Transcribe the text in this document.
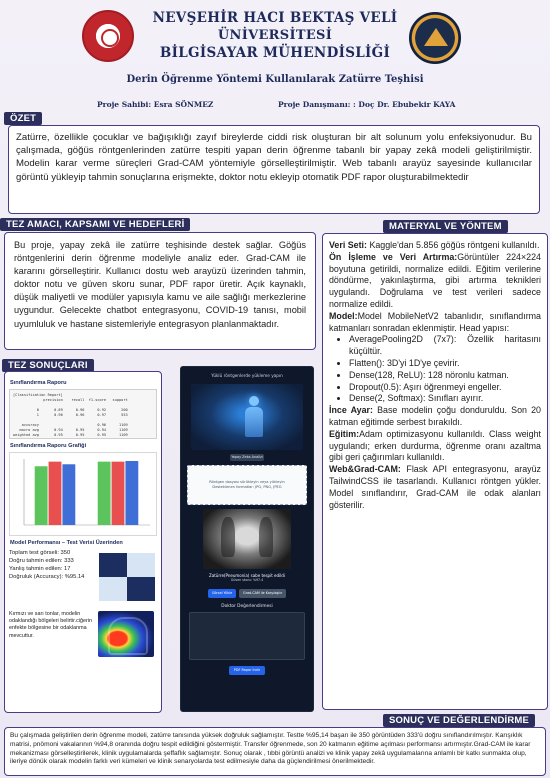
NEVŞEHİR HACI BEKTAŞ VELİ
ÜNİVERSİTESİ
BİLGİSAYAR MÜHENDİSLİĞİ
Derin Öğrenme Yöntemi Kullanılarak Zatürre Teşhisi
Proje Sahibi: Esra SÖNMEZ	Proje Danışmanı: : Doç Dr. Ebubekir KAYA
ÖZET

Zatürre, özellikle çocuklar ve bağışıklığı zayıf bireylerde ciddi risk oluşturan bir alt solunum yolu enfeksiyonudur. Bu çalışmada, göğüs röntgenlerinden zatürre tespiti yapan derin öğrenme tabanlı bir yapay zekâ modeli geliştirilmiştir. Modelin karar verme süreçleri Grad-CAM yöntemiyle görselleştirilmiştir. Web tabanlı arayüz sayesinde kullanıcılar görüntü yükleyip tahmin sonuçlarına erişmekte, doktor notu ekleyip otomatik PDF rapor oluşturabilmektedir

TEZ AMACI, KAPSAMI VE HEDEFLERİ

Bu proje, yapay zekâ ile zatürre teşhisinde destek sağlar. Göğüs röntgenlerini derin öğrenme modeliyle analiz eder. Grad-CAM ile kararını görselleştirir. Kullanıcı dostu web arayüzü üzerinden tahmin, doktor notu ve güven skoru sunar, PDF rapor üretir. Açık kaynaklı, düşük maliyetli ve modüler yapısıyla kamu ve aile sağlığı merkezlerine uygundur. Gelecekte chatbot entegrasyonu, COVID-19 tanısı, mobil uyumluluk ve hastane sistemleriyle entegrasyon planlanmaktadır.

MATERYAL VE YÖNTEM

Veri Seti: Kaggle'dan 5.856 göğüs röntgeni kullanıldı.

Ön İşleme ve Veri Artırma:Görüntüler 224×224 boyutuna getirildi, normalize edildi. Eğitim verilerine döndürme, yakınlaştırma, gibi artırma teknikleri uygulandı. Doğrulama ve test verileri sadece normalize edildi.

Model:Model MobileNetV2 tabanlıdır, sınıflandırma katmanları sonradan eklenmiştir. Head yapısı:

• AveragePooling2D (7x7): Özellik haritasını küçültür.
• Flatten(): 3D'yi 1D'ye çevirir.
• Dense(128, ReLU): 128 nöronlu katman.
• Dropout(0.5): Aşırı öğrenmeyi engeller.
• Dense(2, Softmax): Sınıfları ayırır.

İnce Ayar: Base modelin çoğu donduruldu. Son 20 katman eğitimde serbest bırakıldı.

Eğitim:Adam optimizasyonu kullanıldı. Class weight uygulandı; erken durdurma, öğrenme oranı azaltma gibi geri çağırımları kullanıldı.

Web&Grad-CAM: Flask API entegrasyonu, arayüz TailwindCSS ile tasarlandı. Kullanıcı röntgen yükler. Model sınıflandırır, Grad-CAM ile odak alanları gösterilir.

TEZ SONUÇLARI
Sınıflandırma Raporu
[Classification Report]
precision    recall  f1-score   support

0       0.89      0.96      0.92       200
1       0.96      0.96      0.97       553

accuracy                           0.96      1109
macro avg       0.94      0.95      0.94      1109
weighted avg       0.95      0.95      0.95      1109
Sınıflandırma Raporu Grafiği
Model Performansı – Test Verisi Üzerinden
Toplam test görseli: 350
Doğru tahmin edilen: 333
Yanlış tahmin edilen: 17
Doğruluk (Accuracy): %95.14
Kırmızı ve sarı tonlar, modelin odaklandığı bölgeleri belirtir.ciğerin enfekte bölgesine bir odaklanma mevcuttur.
Yüklü röntgenlerde yükleme yapın
Yapay Zeka Analizi
Röntgen dosyası sürükleyin veya yükleyin
Desteklenen formatlar: JPG, PNG, JPEG
Zatürre(Pneumonia) sabe tespit edildi
Güven skoru: %97.4
Görsel Yükle	Grad-CAM ile Karşılaştır
Doktor Değerlendirmesi
PDF Rapor İndir
SONUÇ VE DEĞERLENDİRME

Bu çalışmada geliştirilen derin öğrenme modeli, zatürre tanısında yüksek doğruluk sağlamıştır. Testte %95,14 başarı ile 350 görüntüden 333'ü doğru sınıflandırılmıştır. Karışıklık matrisi, pnömoni vakalarının %94,8 oranında doğru tespit edildiğini göstermiştir. Transfer öğrenmede, son 20 katmanın eğitime açılması performansı artırmıştır.Grad-CAM ile karar mekanizması görselleştirilerek, klinik uygulamalarda şeffaflık sağlamıştır. Sonuç olarak , tıbbi görüntü analizi ve klinik yapay zekâ uygulamalarına anlamlı bir katkı sunmakta olup, ileriye dönük olarak modelin farklı veri kümeleri ve klinik senaryolarda test edilmesiyle daha da güçlendirilmesi önerilmektedir.
